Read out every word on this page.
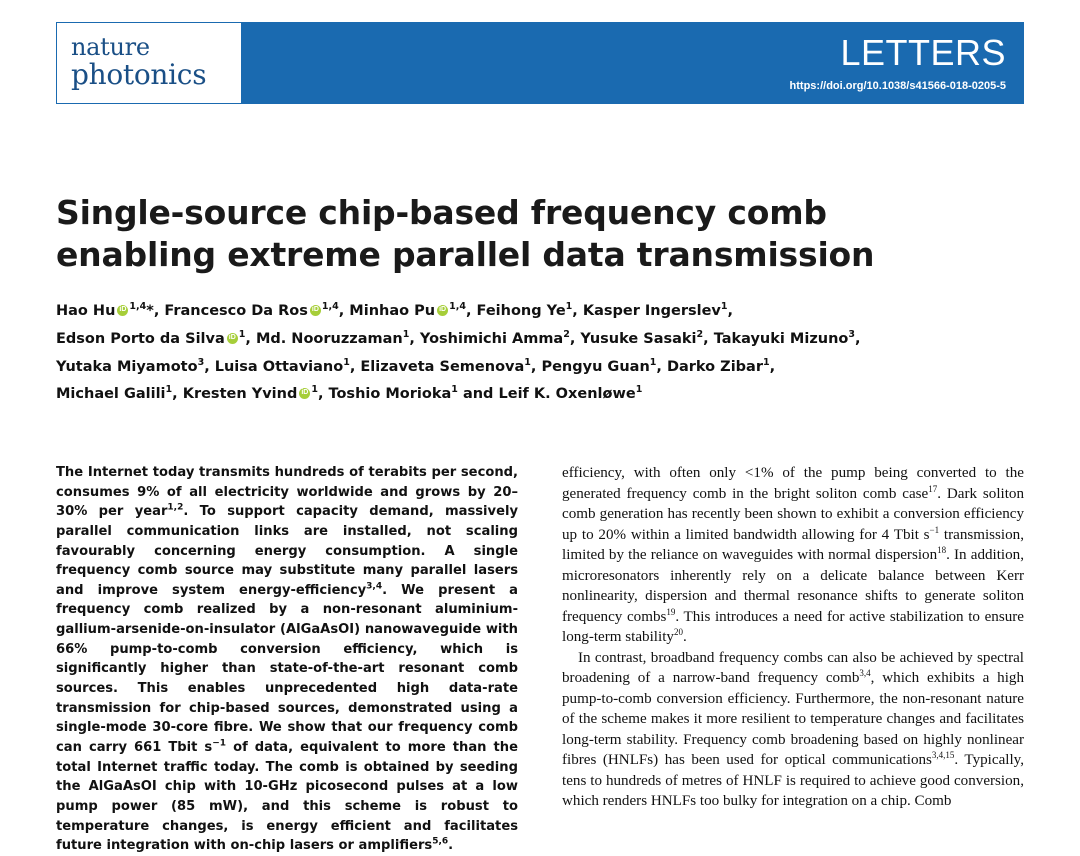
nature
photonics
LETTERS
https://doi.org/10.1038/s41566-018-0205-5
Single-source chip-based frequency comb enabling extreme parallel data transmission
Hao Hu iD $^{1,4}$*, Francesco Da Ros iD $^{1,4}$, Minhao Pu iD $^{1,4}$, Feihong Ye$^1$, Kasper Ingerslev$^1$,
Edson Porto da Silva iD $^1$, Md. Nooruzzaman$^1$, Yoshimichi Amma$^2$, Yusuke Sasaki$^2$, Takayuki Mizuno$^3$,
Yutaka Miyamoto$^3$, Luisa Ottaviano$^1$, Elizaveta Semenova$^1$, Pengyu Guan$^1$, Darko Zibar$^1$,
Michael Galili$^1$, Kresten Yvind iD $^1$, Toshio Morioka$^1$ and Leif K. Oxenløwe$^1$

The Internet today transmits hundreds of terabits per second, consumes 9% of all electricity worldwide and grows by 20–30% per year$^{1,2}$. To support capacity demand, massively parallel communication links are installed, not scaling favourably concerning energy consumption. A single frequency comb source may substitute many parallel lasers and improve system energy-efficiency$^{3,4}$. We present a frequency comb realized by a non-resonant aluminium-gallium-arsenide-on-insulator (AlGaAsOI) nanowaveguide with 66% pump-to-comb conversion efficiency, which is significantly higher than state-of-the-art resonant comb sources. This enables unprecedented high data-rate transmission for chip-based sources, demonstrated using a single-mode 30-core fibre. We show that our frequency comb can carry 661 Tbit $s^{-1}$ of data, equivalent to more than the total Internet traffic today. The comb is obtained by seeding the AlGaAsOI chip with 10-GHz picosecond pulses at a low pump power (85 mW), and this scheme is robust to temperature changes, is energy efficient and facilitates future integration with on-chip lasers or amplifiers$^{5,6}$.

efficiency, with often only <1% of the pump being converted to the generated frequency comb in the bright soliton comb case$^{17}$. Dark soliton comb generation has recently been shown to exhibit a conversion efficiency up to 20% within a limited bandwidth allowing for 4 Tbit $s^{-1}$ transmission, limited by the reliance on waveguides with normal dispersion$^{18}$. In addition, microresonators inherently rely on a delicate balance between Kerr nonlinearity, dispersion and thermal resonance shifts to generate soliton frequency combs$^{19}$. This introduces a need for active stabilization to ensure long-term stability$^{20}$.

In contrast, broadband frequency combs can also be achieved by spectral broadening of a narrow-band frequency comb$^{3,4}$, which exhibits a high pump-to-comb conversion efficiency. Furthermore, the non-resonant nature of the scheme makes it more resilient to temperature changes and facilitates long-term stability. Frequency comb broadening based on highly nonlinear fibres (HNLFs) has been used for optical communications$^{3,4,15}$. Typically, tens to hundreds of metres of HNLF is required to achieve good conversion, which renders HNLFs too bulky for integration on a chip. Comb
